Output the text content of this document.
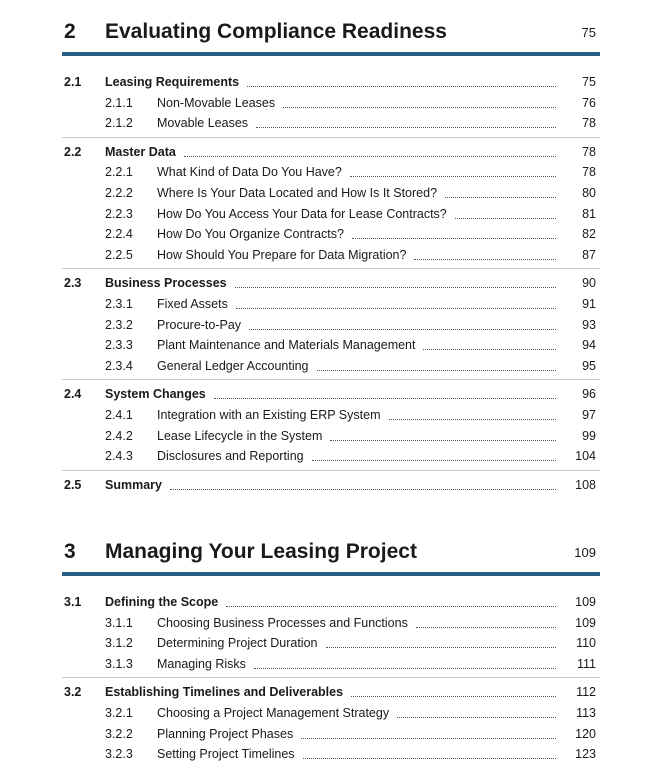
2 Evaluating Compliance Readiness	75
2.1 Leasing Requirements	75
2.1.1 Non-Movable Leases	76
2.1.2 Movable Leases	78
2.2 Master Data	78
2.2.1 What Kind of Data Do You Have?	78
2.2.2 Where Is Your Data Located and How Is It Stored?	80
2.2.3 How Do You Access Your Data for Lease Contracts?	81
2.2.4 How Do You Organize Contracts?	82
2.2.5 How Should You Prepare for Data Migration?	87
2.3 Business Processes	90
2.3.1 Fixed Assets	91
2.3.2 Procure-to-Pay	93
2.3.3 Plant Maintenance and Materials Management	94
2.3.4 General Ledger Accounting	95
2.4 System Changes	96
2.4.1 Integration with an Existing ERP System	97
2.4.2 Lease Lifecycle in the System	99
2.4.3 Disclosures and Reporting	104
2.5 Summary	108
3 Managing Your Leasing Project	109
3.1 Defining the Scope	109
3.1.1 Choosing Business Processes and Functions	109
3.1.2 Determining Project Duration	110
3.1.3 Managing Risks	111
3.2 Establishing Timelines and Deliverables	112
3.2.1 Choosing a Project Management Strategy	113
3.2.2 Planning Project Phases	120
3.2.3 Setting Project Timelines	123
